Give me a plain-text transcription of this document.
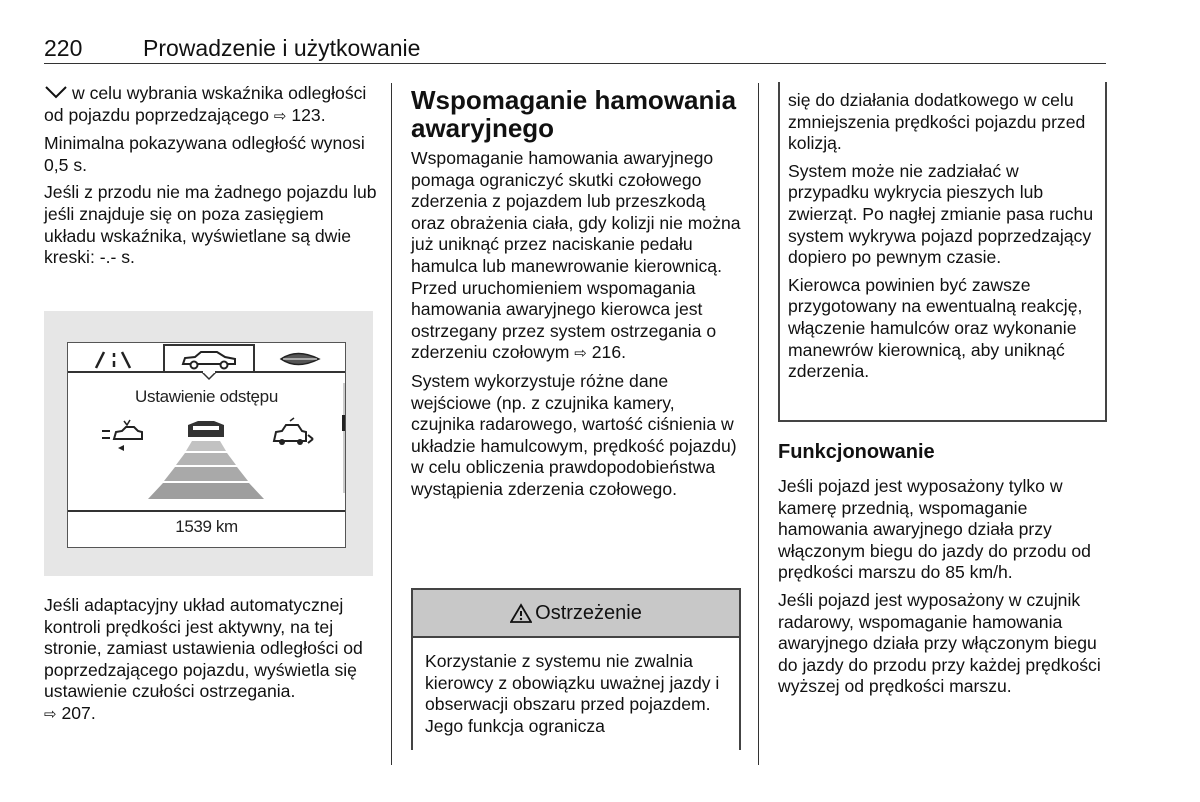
220	Prowadzenie i użytkowanie

w celu wybrania wskaźnika odległości od pojazdu poprzedzającego ⇨ 123.

Minimalna pokazywana odległość wynosi 0,5 s.

Jeśli z przodu nie ma żadnego pojazdu lub jeśli znajduje się on poza zasięgiem układu wskaźnika, wyświetlane są dwie kreski: -.- s.

Ustawienie odstępu
1539 km

Jeśli adaptacyjny układ automatycznej kontroli prędkości jest aktywny, na tej stronie, zamiast ustawienia odległości od poprzedzającego pojazdu, wyświetla się ustawienie czułości ostrzegania.
⇨ 207.

Wspomaganie hamowania awaryjnego

Wspomaganie hamowania awaryjnego pomaga ograniczyć skutki czołowego zderzenia z pojazdem lub przeszkodą oraz obrażenia ciała, gdy kolizji nie można już uniknąć przez naciskanie pedału hamulca lub manewrowanie kierownicą. Przed uruchomieniem wspomagania hamowania awaryjnego kierowca jest ostrzegany przez system ostrzegania o zderzeniu czołowym ⇨ 216.

System wykorzystuje różne dane wejściowe (np. z czujnika kamery, czujnika radarowego, wartość ciśnienia w układzie hamulcowym, prędkość pojazdu) w celu obliczenia prawdopodobieństwa wystąpienia zderzenia czołowego.

Ostrzeżenie
Korzystanie z systemu nie zwalnia kierowcy z obowiązku uważnej jazdy i obserwacji obszaru przed pojazdem. Jego funkcja ogranicza

się do działania dodatkowego w celu zmniejszenia prędkości pojazdu przed kolizją.

System może nie zadziałać w przypadku wykrycia pieszych lub zwierząt. Po nagłej zmianie pasa ruchu system wykrywa pojazd poprzedzający dopiero po pewnym czasie.

Kierowca powinien być zawsze przygotowany na ewentualną reakcję, włączenie hamulców oraz wykonanie manewrów kierownicą, aby uniknąć zderzenia.

Funkcjonowanie

Jeśli pojazd jest wyposażony tylko w kamerę przednią, wspomaganie hamowania awaryjnego działa przy włączonym biegu do jazdy do przodu od prędkości marszu do 85 km/h.

Jeśli pojazd jest wyposażony w czujnik radarowy, wspomaganie hamowania awaryjnego działa przy włączonym biegu do jazdy do przodu przy każdej prędkości wyższej od prędkości marszu.
